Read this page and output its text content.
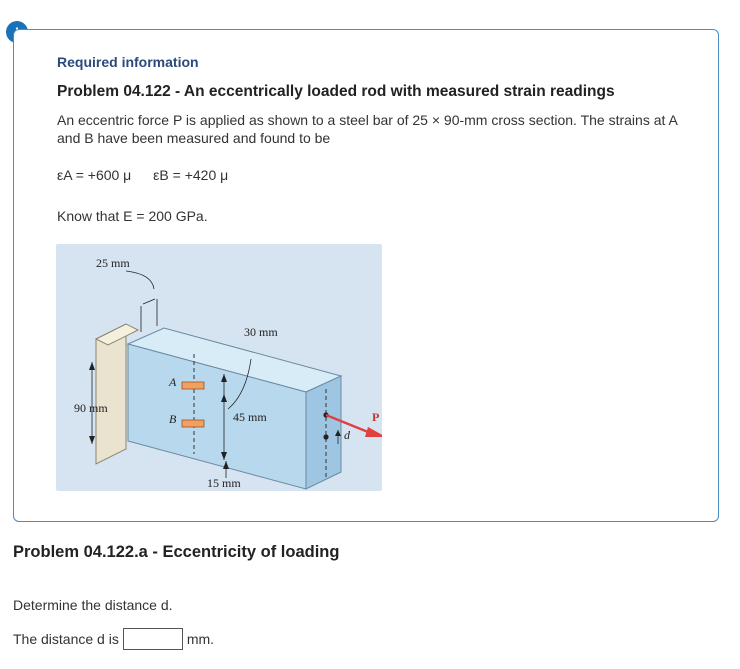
Required information
Problem 04.122 - An eccentrically loaded rod with measured strain readings
An eccentric force P is applied as shown to a steel bar of 25 × 90-mm cross section. The strains at A and B have been measured and found to be
εA = +600 μ εB = +420 μ
Know that E = 200 GPa.
25 mm
30 mm
90 mm
45 mm
15 mm
A
B	P
d
Problem 04.122.a - Eccentricity of loading
Determine the distance d.
The distance d is	mm.
